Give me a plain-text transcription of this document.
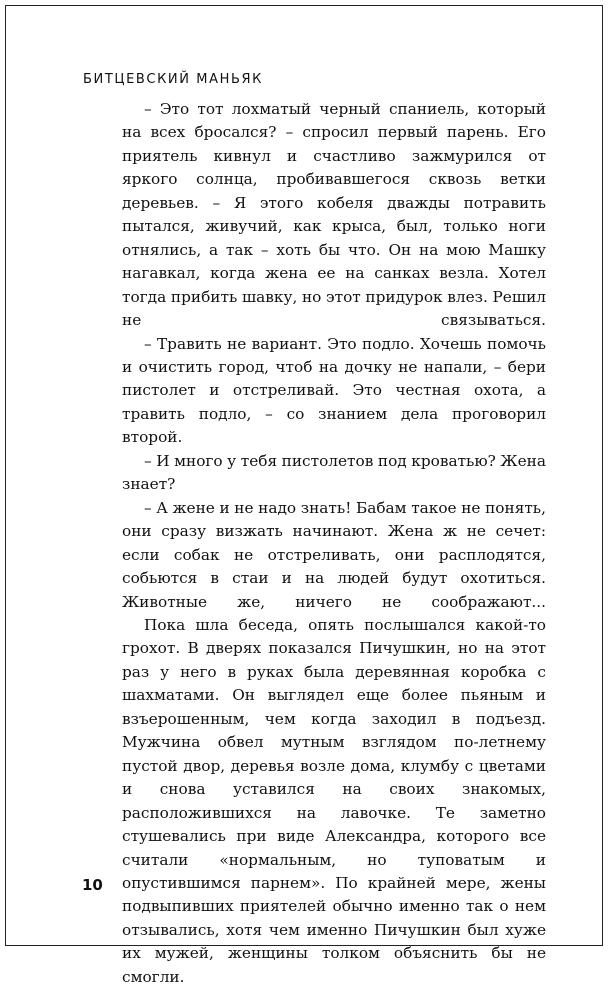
БИТЦЕВСКИЙ МАНЬЯК

– Это тот лохматый черный спаниель, который на всех бросался? – спросил первый парень. Его приятель кивнул и счастливо зажмурился от яркого солнца, пробивавшегося сквозь ветки деревьев. – Я этого кобеля дважды потравить пытался, живучий, как крыса, был, только ноги отнялись, а так – хоть бы что. Он на мою Машку нагавкал, когда жена ее на санках везла. Хотел тогда прибить шавку, но этот придурок влез. Решил не связываться.

– Травить не вариант. Это подло. Хочешь помочь и очистить город, чтоб на дочку не напали, – бери пистолет и отстреливай. Это честная охота, а травить подло, – со знанием дела проговорил второй.

– И много у тебя пистолетов под кроватью? Жена знает?

– А жене и не надо знать! Бабам такое не понять, они сразу визжать начинают. Жена ж не сечет: если собак не отстреливать, они расплодятся, собьются в стаи и на людей будут охотиться. Животные же, ничего не соображают...

Пока шла беседа, опять послышался какой-то грохот. В дверях показался Пичушкин, но на этот раз у него в руках была деревянная коробка с шахматами. Он выглядел еще более пьяным и взъерошенным, чем когда заходил в подъезд. Мужчина обвел мутным взглядом по-летнему пустой двор, деревья возле дома, клумбу с цветами и снова уставился на своих знакомых, расположившихся на лавочке. Те заметно стушевались при виде Александра, которого все считали «нормальным, но туповатым и опустившимся парнем». По крайней мере, жены подвыпивших приятелей обычно именно так о нем отзывались, хотя чем именно Пичушкин был хуже их мужей, женщины толком объяснить бы не смогли.

10
